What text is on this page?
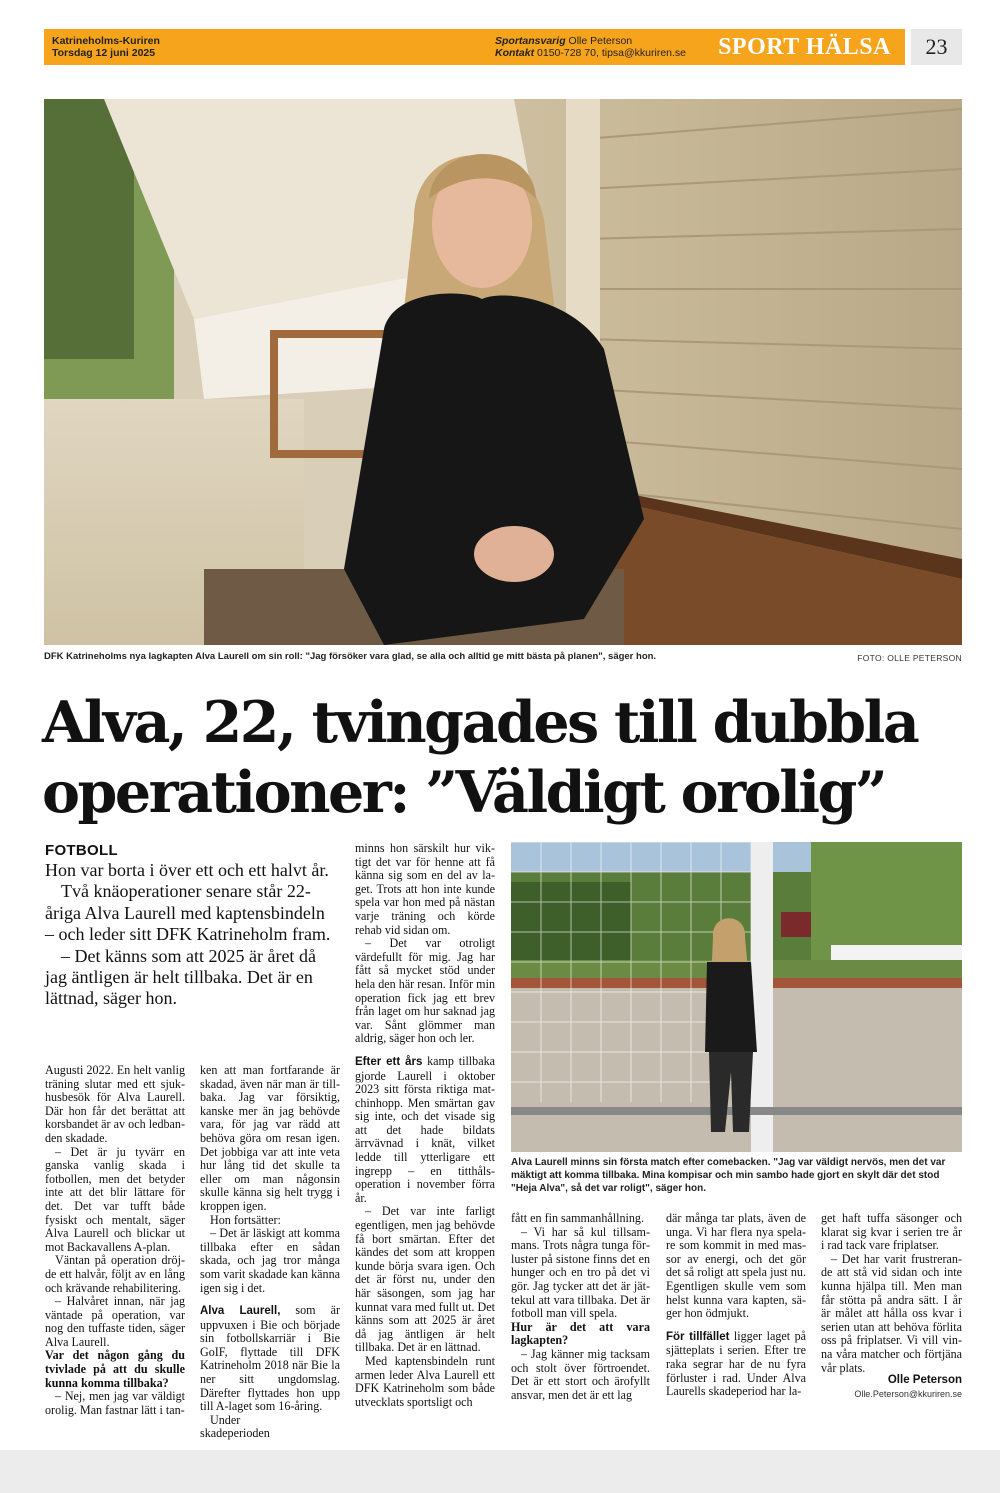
Katrineholms-Kuriren
Torsdag 12 juni 2025
Sportansvarig Olle Peterson
Kontakt 0150-728 70, tipsa@kkuriren.se SPORT HÄLSA	23
DFK Katrineholms nya lagkapten Alva Laurell om sin roll: "Jag försöker vara glad, se alla och alltid ge mitt bästa på planen", säger hon.	FOTO: OLLE PETERSON
Alva, 22, tvingades till dubbla
operationer: ”Väldigt orolig”
FOTBOLL

Hon var borta i över ett och ett halvt år.

Två knäoperationer senare står 22-åriga Alva Laurell med kaptensbindeln – och leder sitt DFK Katrineholm fram.

– Det känns som att 2025 är året då jag äntligen är helt tillbaka. Det är en lättnad, säger hon.

Augusti 2022. En helt vanlig träning slutar med ett sjukhusbesök för Alva Laurell. Där hon får det berättat att korsbandet är av och ledbanden skadade.

– Det är ju tyvärr en ganska vanlig skada i fotbollen, men det betyder inte att det blir lättare för det. Det var tufft både fysiskt och mentalt, säger Alva Laurell och blickar ut mot Backavallens A-plan.

Väntan på operation dröjde ett halvår, följt av en lång och krävande rehabilitering.

– Halvåret innan, när jag väntade på operation, var nog den tuffaste tiden, säger Alva Laurell.

Var det någon gång du tvivlade på att du skulle kunna komma tillbaka?

– Nej, men jag var väldigt orolig. Man fastnar lätt i tan-

ken att man fortfarande är skadad, även när man är tillbaka. Jag var försiktig, kanske mer än jag behövde vara, för jag var rädd att behöva göra om resan igen. Det jobbiga var att inte veta hur lång tid det skulle ta eller om man någonsin skulle känna sig helt trygg i kroppen igen.

Hon fortsätter:

– Det är läskigt att komma tillbaka efter en sådan skada, och jag tror många som varit skadade kan känna igen sig i det.

Alva Laurell, som är uppvuxen i Bie och började sin fotbollskarriär i Bie GoIF, flyttade till DFK Katrineholm 2018 när Bie la ner sitt ungdomslag. Därefter flyttades hon upp till A-laget som 16-åring.

Under skadeperioden

minns hon särskilt hur viktigt det var för henne att få känna sig som en del av laget. Trots att hon inte kunde spela var hon med på nästan varje träning och körde rehab vid sidan om.

– Det var otroligt värdefullt för mig. Jag har fått så mycket stöd under hela den här resan. Inför min operation fick jag ett brev från laget om hur saknad jag var. Sånt glömmer man aldrig, säger hon och ler.

Efter ett års kamp tillbaka gjorde Laurell i oktober 2023 sitt första riktiga matchinhopp. Men smärtan gav sig inte, och det visade sig att det hade bildats ärrvävnad i knät, vilket ledde till ytterligare ett ingrepp – en titthålsoperation i november förra år.

– Det var inte farligt egentligen, men jag behövde få bort smärtan. Efter det kändes det som att kroppen kunde börja svara igen. Och det är först nu, under den här säsongen, som jag har kunnat vara med fullt ut. Det känns som att 2025 är året då jag äntligen är helt tillbaka. Det är en lättnad.

Med kaptensbindeln runt armen leder Alva Laurell ett DFK Katrineholm som både utvecklats sportsligt och

Alva Laurell minns sin första match efter comebacken. "Jag var väldigt nervös, men det var mäktigt att komma tillbaka. Mina kompisar och min sambo hade gjort en skylt där det stod "Heja Alva", så det var roligt", säger hon.

fått en fin sammanhållning.

– Vi har så kul tillsammans. Trots några tunga förluster på sistone finns det en hunger och en tro på det vi gör. Jag tycker att det är jättekul att vara tillbaka. Det är fotboll man vill spela.

Hur är det att vara lagkapten?

– Jag känner mig tacksam och stolt över förtroendet. Det är ett stort och ärofyllt ansvar, men det är ett lag

där många tar plats, även de unga. Vi har flera nya spelare som kommit in med massor av energi, och det gör det så roligt att spela just nu. Egentligen skulle vem som helst kunna vara kapten, säger hon ödmjukt.

För tillfället ligger laget på sjätteplats i serien. Efter tre raka segrar har de nu fyra förluster i rad. Under Alva Laurells skadeperiod har la-

get haft tuffa säsonger och klarat sig kvar i serien tre år i rad tack vare friplatser.

– Det har varit frustrerande att stå vid sidan och inte kunna hjälpa till. Men man får stötta på andra sätt. I år är målet att hålla oss kvar i serien utan att behöva förlita oss på friplatser. Vi vill vinna våra matcher och förtjäna vår plats.

Olle Peterson
Olle.Peterson@kkuriren.se
